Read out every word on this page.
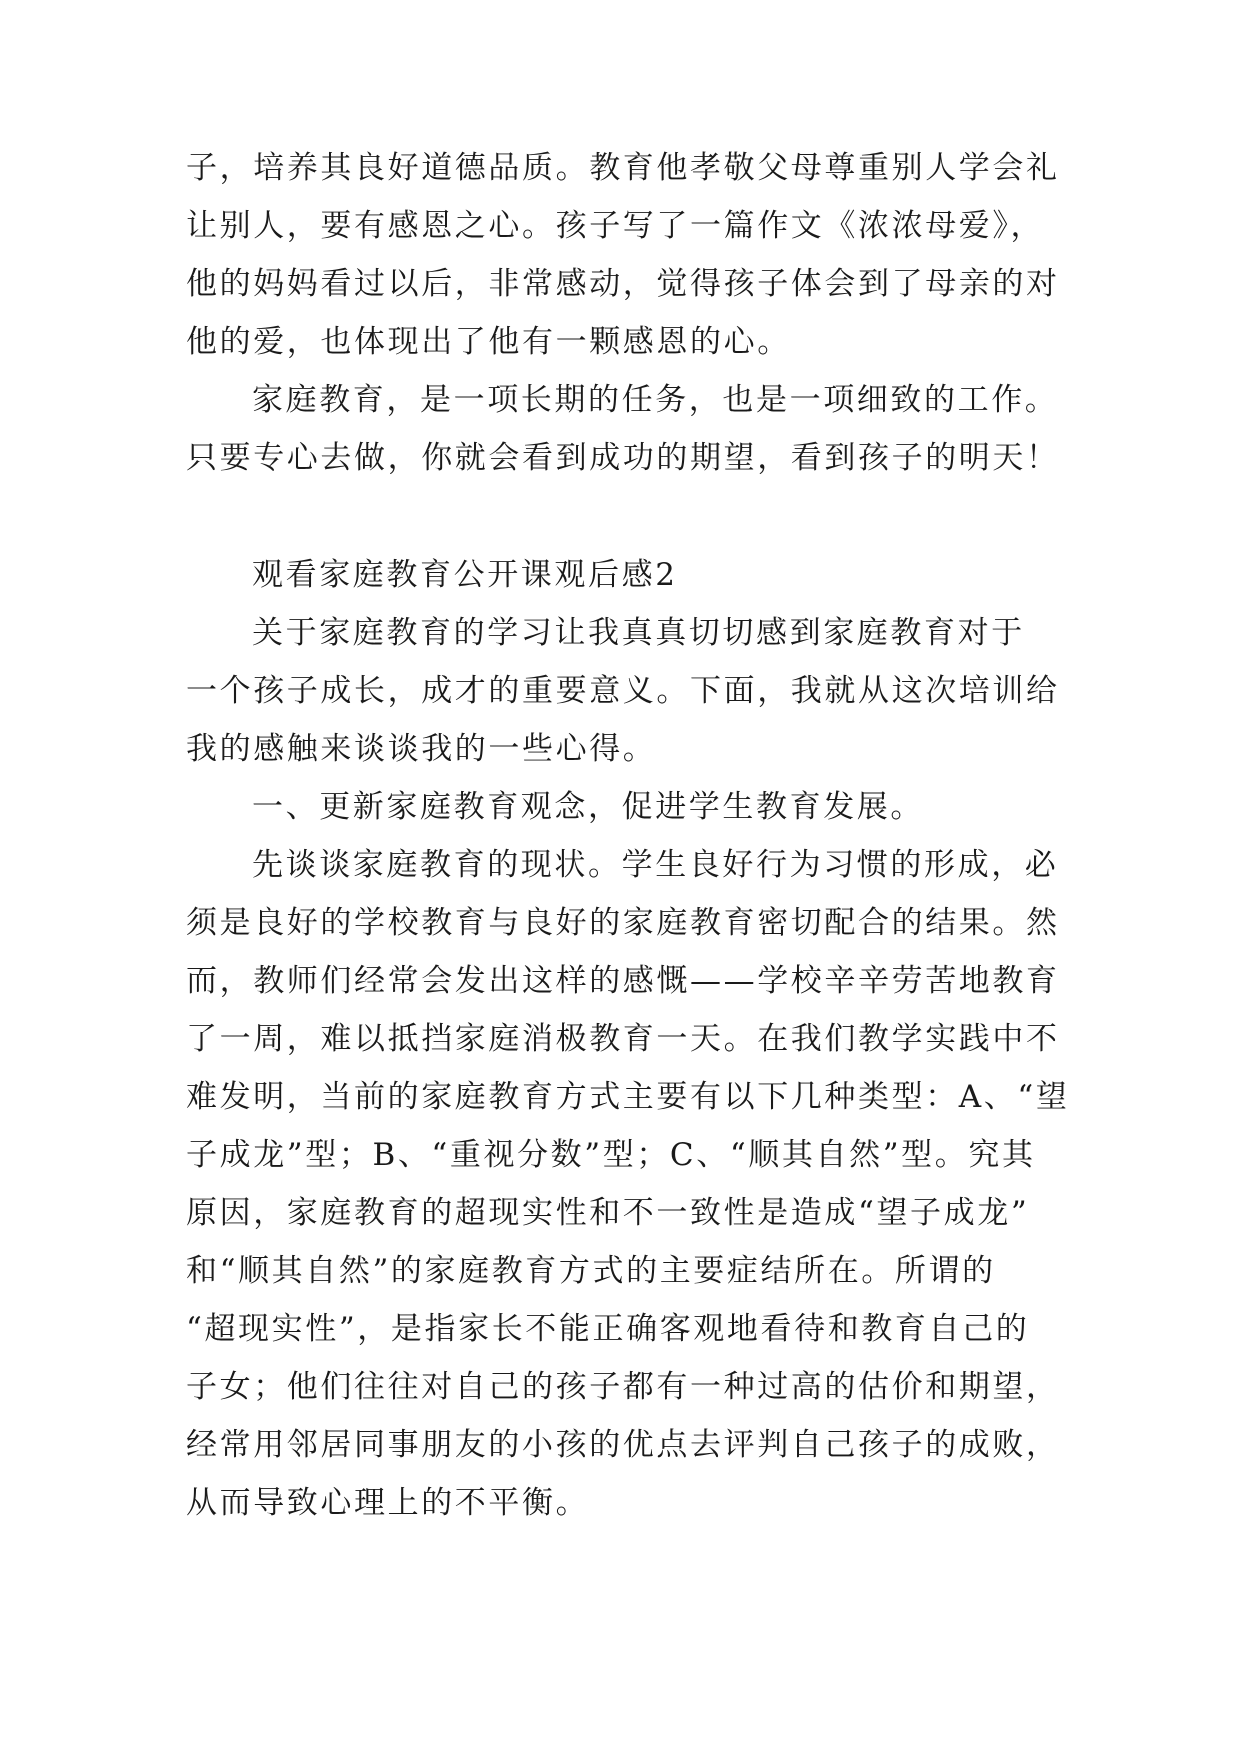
子，培养其良好道德品质。教育他孝敬父母尊重别人学会礼
让别人，要有感恩之心。孩子写了一篇作文《浓浓母爱》，
他的妈妈看过以后，非常感动，觉得孩子体会到了母亲的对
他的爱，也体现出了他有一颗感恩的心。
家庭教育，是一项长期的任务，也是一项细致的工作。
只要专心去做，你就会看到成功的期望，看到孩子的明天！
观看家庭教育公开课观后感2
关于家庭教育的学习让我真真切切感到家庭教育对于
一个孩子成长，成才的重要意义。下面，我就从这次培训给
我的感触来谈谈我的一些心得。
一、更新家庭教育观念，促进学生教育发展。
先谈谈家庭教育的现状。学生良好行为习惯的形成，必
须是良好的学校教育与良好的家庭教育密切配合的结果。然
而，教师们经常会发出这样的感慨——学校辛辛劳苦地教育
了一周，难以抵挡家庭消极教育一天。在我们教学实践中不
难发明，当前的家庭教育方式主要有以下几种类型：A、“望
子成龙”型；B、“重视分数”型；C、“顺其自然”型。究其
原因，家庭教育的超现实性和不一致性是造成“望子成龙”
和“顺其自然”的家庭教育方式的主要症结所在。所谓的
“超现实性”，是指家长不能正确客观地看待和教育自己的
子女；他们往往对自己的孩子都有一种过高的估价和期望，
经常用邻居同事朋友的小孩的优点去评判自己孩子的成败，
从而导致心理上的不平衡。
